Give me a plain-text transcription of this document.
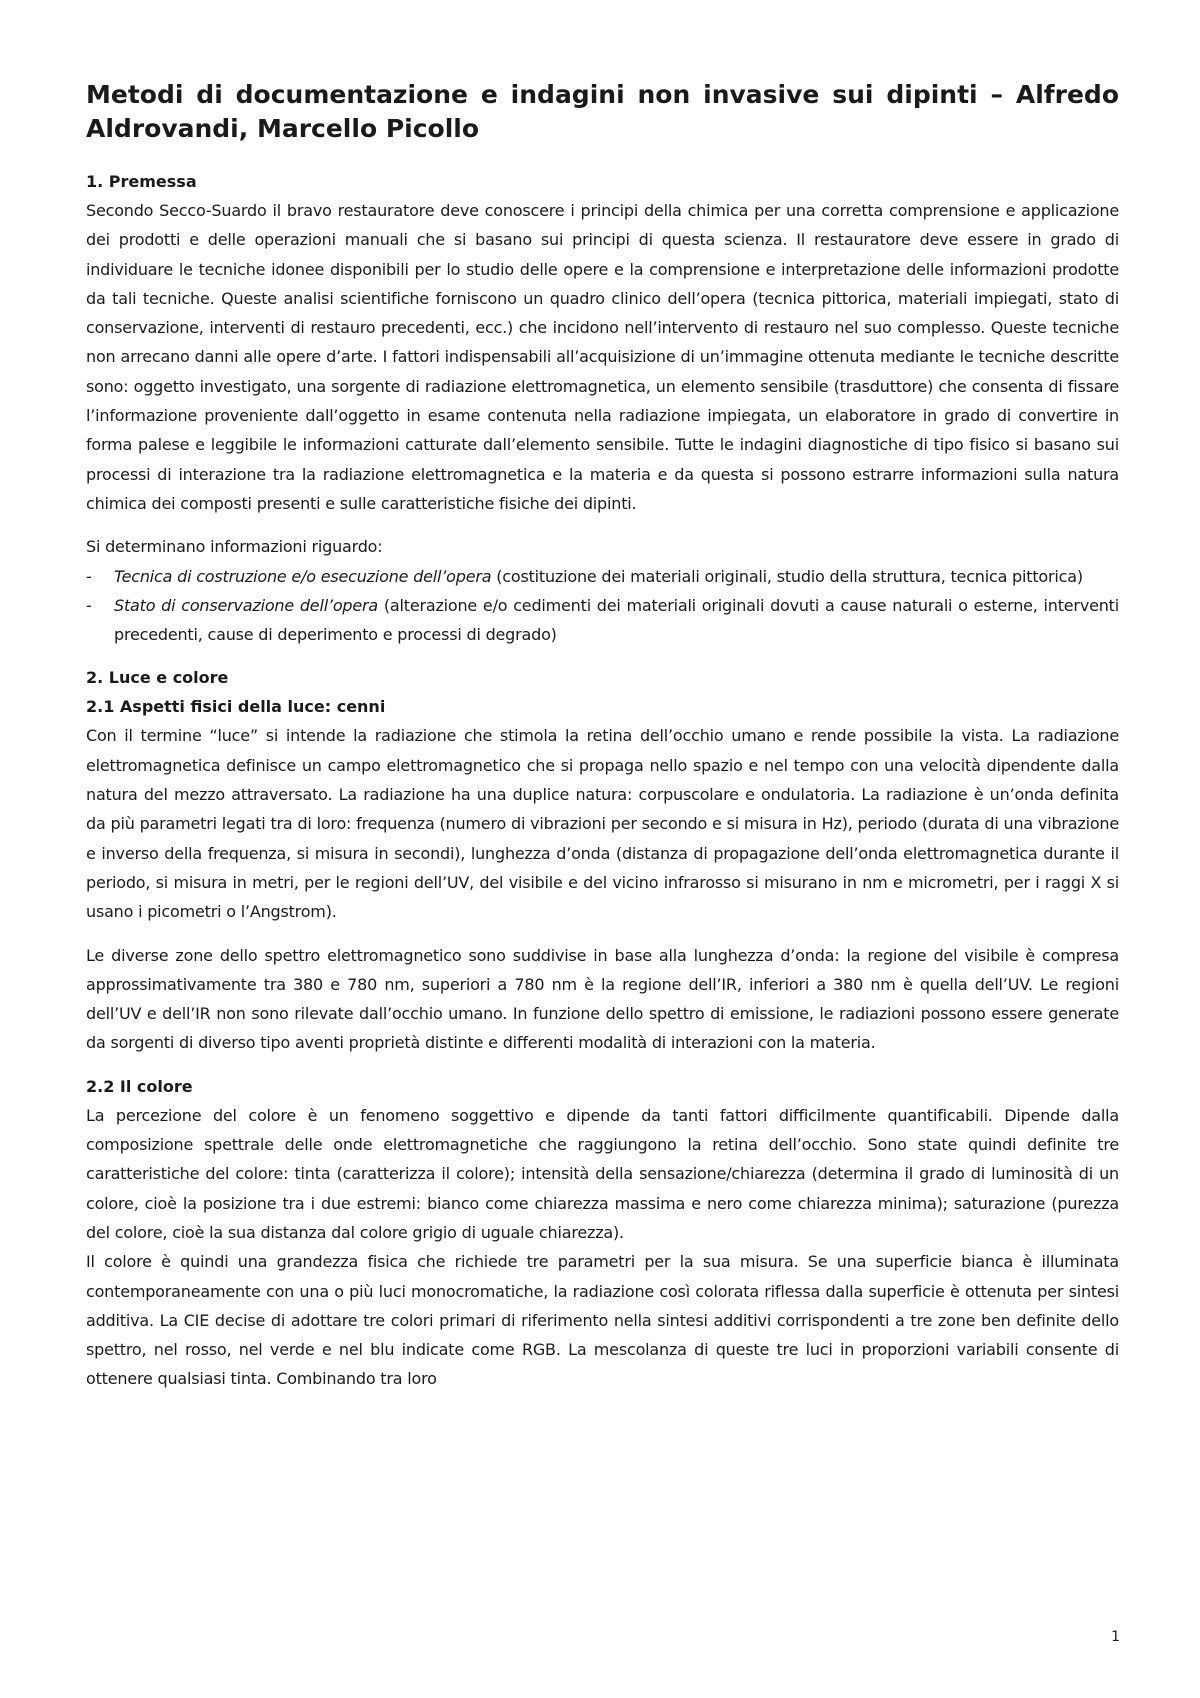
Metodi di documentazione e indagini non invasive sui dipinti – Alfredo Aldrovandi, Marcello Picollo
1. Premessa

Secondo Secco-Suardo il bravo restauratore deve conoscere i principi della chimica per una corretta comprensione e applicazione dei prodotti e delle operazioni manuali che si basano sui principi di questa scienza. Il restauratore deve essere in grado di individuare le tecniche idonee disponibili per lo studio delle opere e la comprensione e interpretazione delle informazioni prodotte da tali tecniche. Queste analisi scientifiche forniscono un quadro clinico dell’opera (tecnica pittorica, materiali impiegati, stato di conservazione, interventi di restauro precedenti, ecc.) che incidono nell’intervento di restauro nel suo complesso. Queste tecniche non arrecano danni alle opere d’arte. I fattori indispensabili all’acquisizione di un’immagine ottenuta mediante le tecniche descritte sono: oggetto investigato, una sorgente di radiazione elettromagnetica, un elemento sensibile (trasduttore) che consenta di fissare l’informazione proveniente dall’oggetto in esame contenuta nella radiazione impiegata, un elaboratore in grado di convertire in forma palese e leggibile le informazioni catturate dall’elemento sensibile. Tutte le indagini diagnostiche di tipo fisico si basano sui processi di interazione tra la radiazione elettromagnetica e la materia e da questa si possono estrarre informazioni sulla natura chimica dei composti presenti e sulle caratteristiche fisiche dei dipinti.

Si determinano informazioni riguardo:

- Tecnica di costruzione e/o esecuzione dell’opera (costituzione dei materiali originali, studio della struttura, tecnica pittorica)
- Stato di conservazione dell’opera (alterazione e/o cedimenti dei materiali originali dovuti a cause naturali o esterne, interventi precedenti, cause di deperimento e processi di degrado)
2. Luce e colore
2.1 Aspetti fisici della luce: cenni

Con il termine “luce” si intende la radiazione che stimola la retina dell’occhio umano e rende possibile la vista. La radiazione elettromagnetica definisce un campo elettromagnetico che si propaga nello spazio e nel tempo con una velocità dipendente dalla natura del mezzo attraversato. La radiazione ha una duplice natura: corpuscolare e ondulatoria. La radiazione è un’onda definita da più parametri legati tra di loro: frequenza (numero di vibrazioni per secondo e si misura in Hz), periodo (durata di una vibrazione e inverso della frequenza, si misura in secondi), lunghezza d’onda (distanza di propagazione dell’onda elettromagnetica durante il periodo, si misura in metri, per le regioni dell’UV, del visibile e del vicino infrarosso si misurano in nm e micrometri, per i raggi X si usano i picometri o l’Angstrom).

Le diverse zone dello spettro elettromagnetico sono suddivise in base alla lunghezza d’onda: la regione del visibile è compresa approssimativamente tra 380 e 780 nm, superiori a 780 nm è la regione dell’IR, inferiori a 380 nm è quella dell’UV. Le regioni dell’UV e dell’IR non sono rilevate dall’occhio umano. In funzione dello spettro di emissione, le radiazioni possono essere generate da sorgenti di diverso tipo aventi proprietà distinte e differenti modalità di interazioni con la materia.

2.2 Il colore

La percezione del colore è un fenomeno soggettivo e dipende da tanti fattori difficilmente quantificabili. Dipende dalla composizione spettrale delle onde elettromagnetiche che raggiungono la retina dell’occhio. Sono state quindi definite tre caratteristiche del colore: tinta (caratterizza il colore); intensità della sensazione/chiarezza (determina il grado di luminosità di un colore, cioè la posizione tra i due estremi: bianco come chiarezza massima e nero come chiarezza minima); saturazione (purezza del colore, cioè la sua distanza dal colore grigio di uguale chiarezza).

Il colore è quindi una grandezza fisica che richiede tre parametri per la sua misura. Se una superficie bianca è illuminata contemporaneamente con una o più luci monocromatiche, la radiazione così colorata riflessa dalla superficie è ottenuta per sintesi additiva. La CIE decise di adottare tre colori primari di riferimento nella sintesi additivi corrispondenti a tre zone ben definite dello spettro, nel rosso, nel verde e nel blu indicate come RGB. La mescolanza di queste tre luci in proporzioni variabili consente di ottenere qualsiasi tinta. Combinando tra loro

1
